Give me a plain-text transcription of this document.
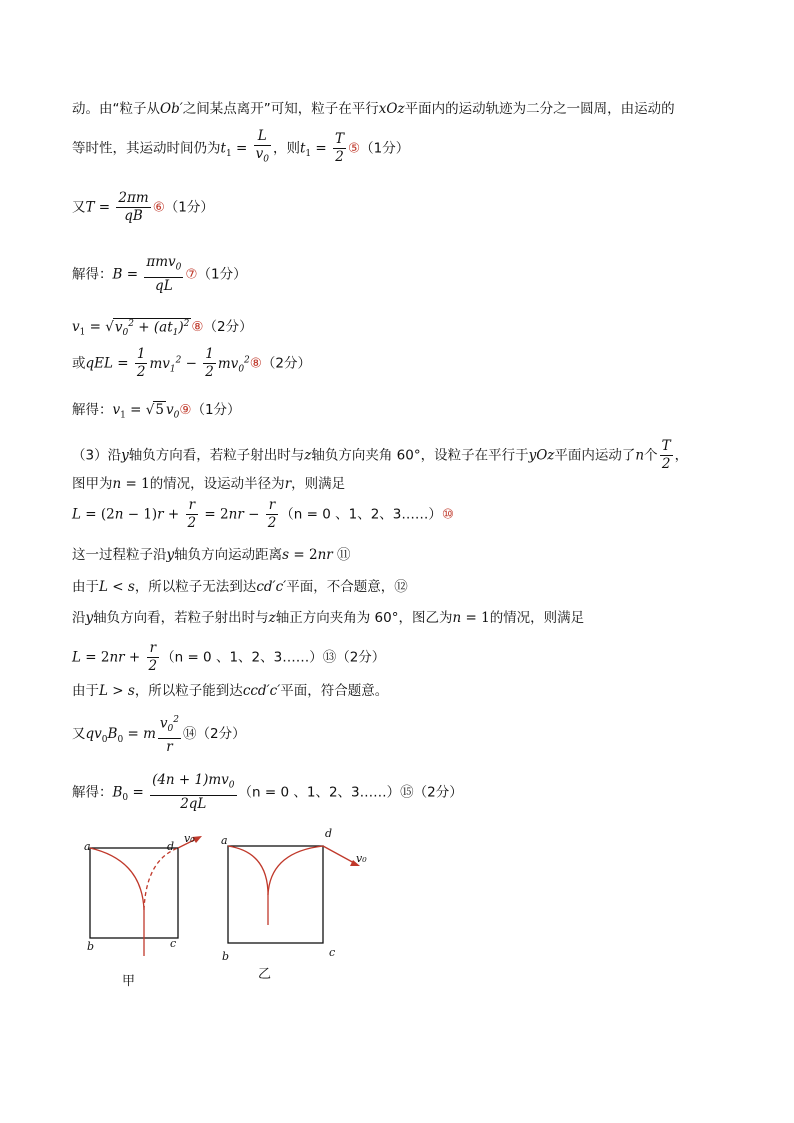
动。由“粒子从Ob′之间某点离开”可知，粒子在平行xOz平面内的运动轨迹为二分之一圆周，由运动的
等时性，其运动时间仍为$t_1 = \frac{L}{v_0}$ ，则$t_1 = \frac{T}{2}$ ⑤（1分）
又$T = \frac{2\pi m}{qB}$ ⑥（1分）
解得：$B = \frac{\pi mv_0}{qL}$ ⑦（1分）
$v_1 = √v_0^2 + (at_1)^2$ ⑧（2分）
或qEL = $\frac{1}{2} mv_1^2 - \frac{1}{2}$ $mv_0^2⑧(2$分）
解得：$v_1 = √5$ $v_0⑨(1$分）
（3）沿y轴负方向看，若粒子射出时与z轴负方向夹角 60°，设粒子在平行于yOz平面内运动了n个 $\frac{T}{2}$ ，
图甲为n = 1的情况，设运动半径为r，则满足
$L = (2n - 1)r + \frac{r}{2} = 2nr - \frac{r}{2} (n = 0$ 、1、2、3……）⑩
这一过程粒子沿y轴负方向运动距离s = 2nr ⑪
由于L < s，所以粒子无法到达cd′c′平面，不合题意，⑫
沿y轴负方向看，若粒子射出时与z轴正方向夹角为 60°，图乙为n = 1的情况，则满足
$L = 2nr + \frac{r}{2} (n = 0$ 、1、2、3……）⑬（2分）
由于L > s，所以粒子能到达ccd′c′平面，符合题意。
又$qv_0B_0 = m \frac{v_0^2}{r}$ ⑭（2分）
解得：$B_0 = \frac{(4n + 1)mv_0}{2qL} (n = 0$ 、1、2、3……）⑮（2分）
a	d
v₀
b	c
甲
a
d
v₀
b	c
乙
